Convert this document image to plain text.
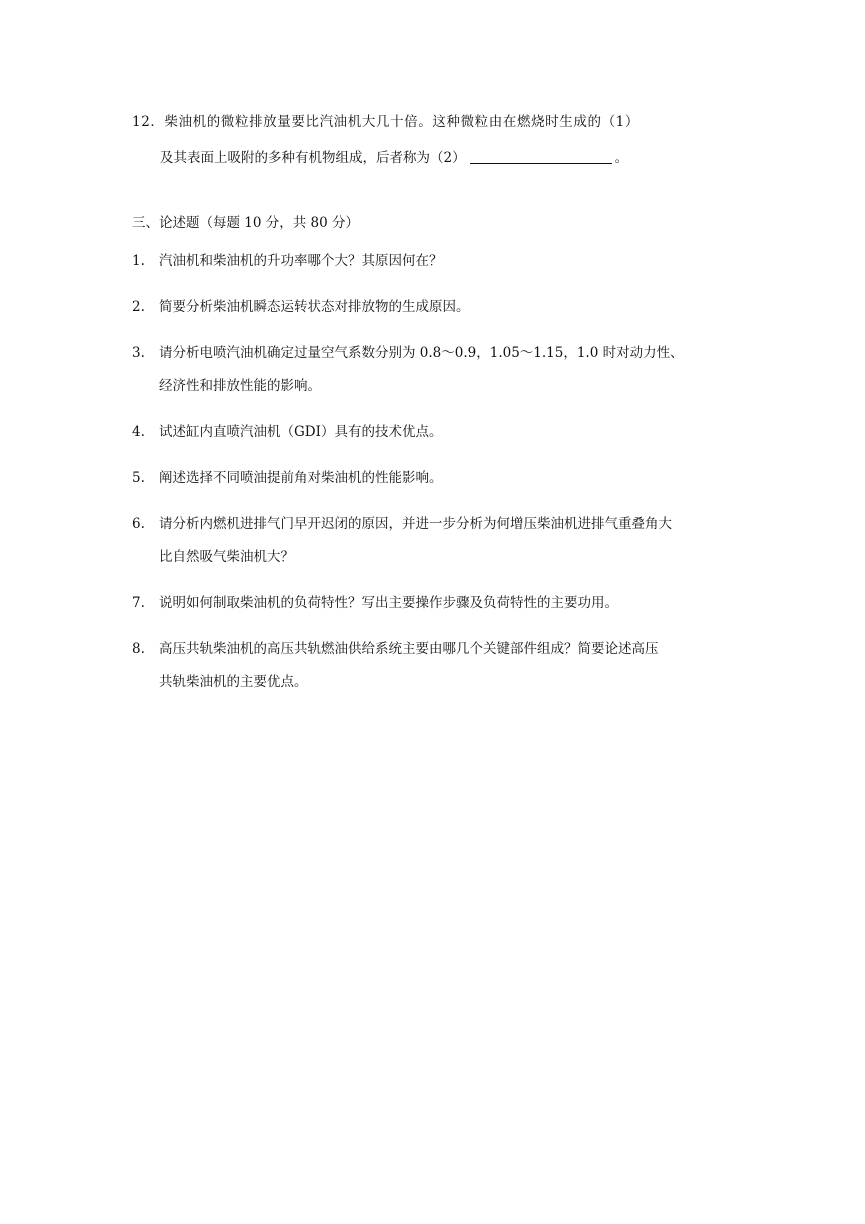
12．柴油机的微粒排放量要比汽油机大几十倍。这种微粒由在燃烧时生成的（1）
及其表面上吸附的多种有机物组成，后者称为（2）	。
三、论述题（每题 10 分，共 80 分）
1. 汽油机和柴油机的升功率哪个大？其原因何在？
2. 简要分析柴油机瞬态运转状态对排放物的生成原因。
3. 请分析电喷汽油机确定过量空气系数分别为 0.8～0.9，1.05～1.15，1.0 时对动力性、
经济性和排放性能的影响。
4. 试述缸内直喷汽油机（GDI）具有的技术优点。
5. 阐述选择不同喷油提前角对柴油机的性能影响。
6. 请分析内燃机进排气门早开迟闭的原因，并进一步分析为何增压柴油机进排气重叠角大
比自然吸气柴油机大？
7. 说明如何制取柴油机的负荷特性？写出主要操作步骤及负荷特性的主要功用。
8. 高压共轨柴油机的高压共轨燃油供给系统主要由哪几个关键部件组成？简要论述高压
共轨柴油机的主要优点。
